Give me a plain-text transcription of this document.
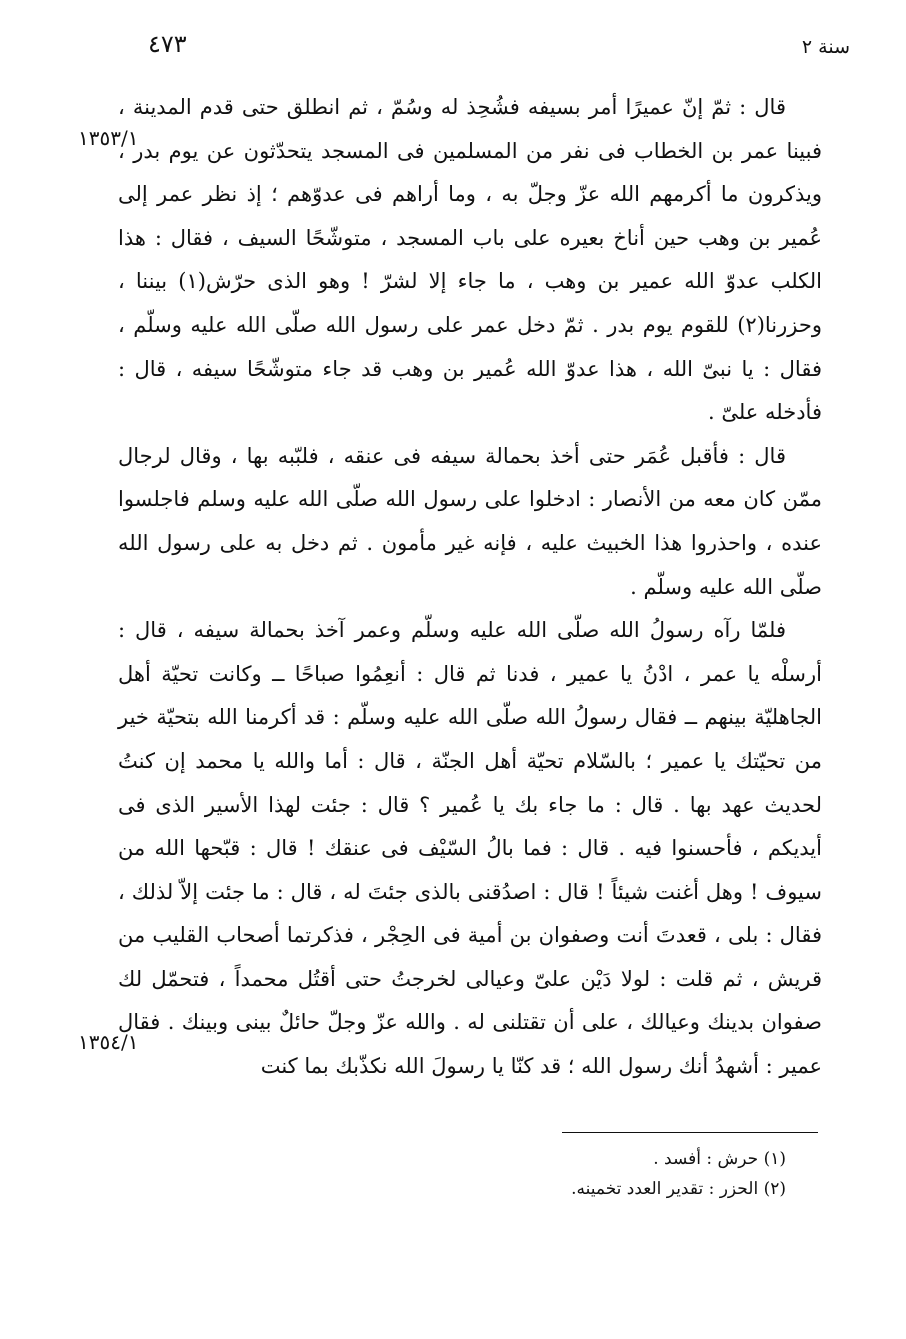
٤٧٣	سنة ٢
١٣٥٣/١
١٣٥٤/١

قال : ثمّ إنّ عميرًا أمر بسيفه فشُحِذ له وسُمّ ، ثم انطلق حتى قدم المدينة ، فبينا عمر بن الخطاب فى نفر من المسلمين فى المسجد يتحدّثون عن يوم بدر ، ويذكرون ما أكرمهم الله عزّ وجلّ به ، وما أراهم فى عدوّهم ؛ إذ نظر عمر إلى عُمير بن وهب حين أناخ بعيره على باب المسجد ، متوشّحًا السيف ، فقال : هذا الكلب عدوّ الله عمير بن وهب ، ما جاء إلا لشرّ ! وهو الذى حرّش(١) بيننا ، وحزرنا(٢) للقوم يوم بدر . ثمّ دخل عمر على رسول الله صلّى الله عليه وسلّم ، فقال : يا نبىّ الله ، هذا عدوّ الله عُمير بن وهب قد جاء متوشّحًا سيفه ، قال : فأدخله علىّ .

قال : فأقبل عُمَر حتى أخذ بحمالة سيفه فى عنقه ، فلبّبه بها ، وقال لرجال ممّن كان معه من الأنصار : ادخلوا على رسول الله صلّى الله عليه وسلم فاجلسوا عنده ، واحذروا هذا الخبيث عليه ، فإنه غير مأمون . ثم دخل به على رسول الله صلّى الله عليه وسلّم .

فلمّا رآه رسولُ الله صلّى الله عليه وسلّم وعمر آخذ بحمالة سيفه ، قال : أرسلْه يا عمر ، ادْنُ يا عمير ، فدنا ثم قال : أنعِمُوا صباحًا ــ وكانت تحيّة أهل الجاهليّة بينهم ــ فقال رسولُ الله صلّى الله عليه وسلّم : قد أكرمنا الله بتحيّة خير من تحيّتك يا عمير ؛ بالسّلام تحيّة أهل الجنّة ، قال : أما والله يا محمد إن كنتُ لحديث عهد بها . قال : ما جاء بك يا عُمير ؟ قال : جئت لهذا الأسير الذى فى أيديكم ، فأحسنوا فيه . قال : فما بالُ السّيْف فى عنقك ! قال : قبّحها الله من سيوف ! وهل أغنت شيئاً ! قال : اصدُقنى بالذى جئتَ له ، قال : ما جئت إلاّ لذلك ، فقال : بلى ، قعدتَ أنت وصفوان بن أمية فى الحِجْر ، فذكرتما أصحاب القليب من قريش ، ثم قلت : لولا دَيْن علىّ وعيالى لخرجتُ حتى أقتُل محمداً ، فتحمّل لك صفوان بدينك وعيالك ، على أن تقتلنى له . والله عزّ وجلّ حائلٌ بينى وبينك . فقال عمير : أشهدُ أنك رسول الله ؛ قد كنّا يا رسولَ الله نكذّبك بما كنت

(١) حرش : أفسد .

(٢) الحزر : تقدير العدد تخمينه.
